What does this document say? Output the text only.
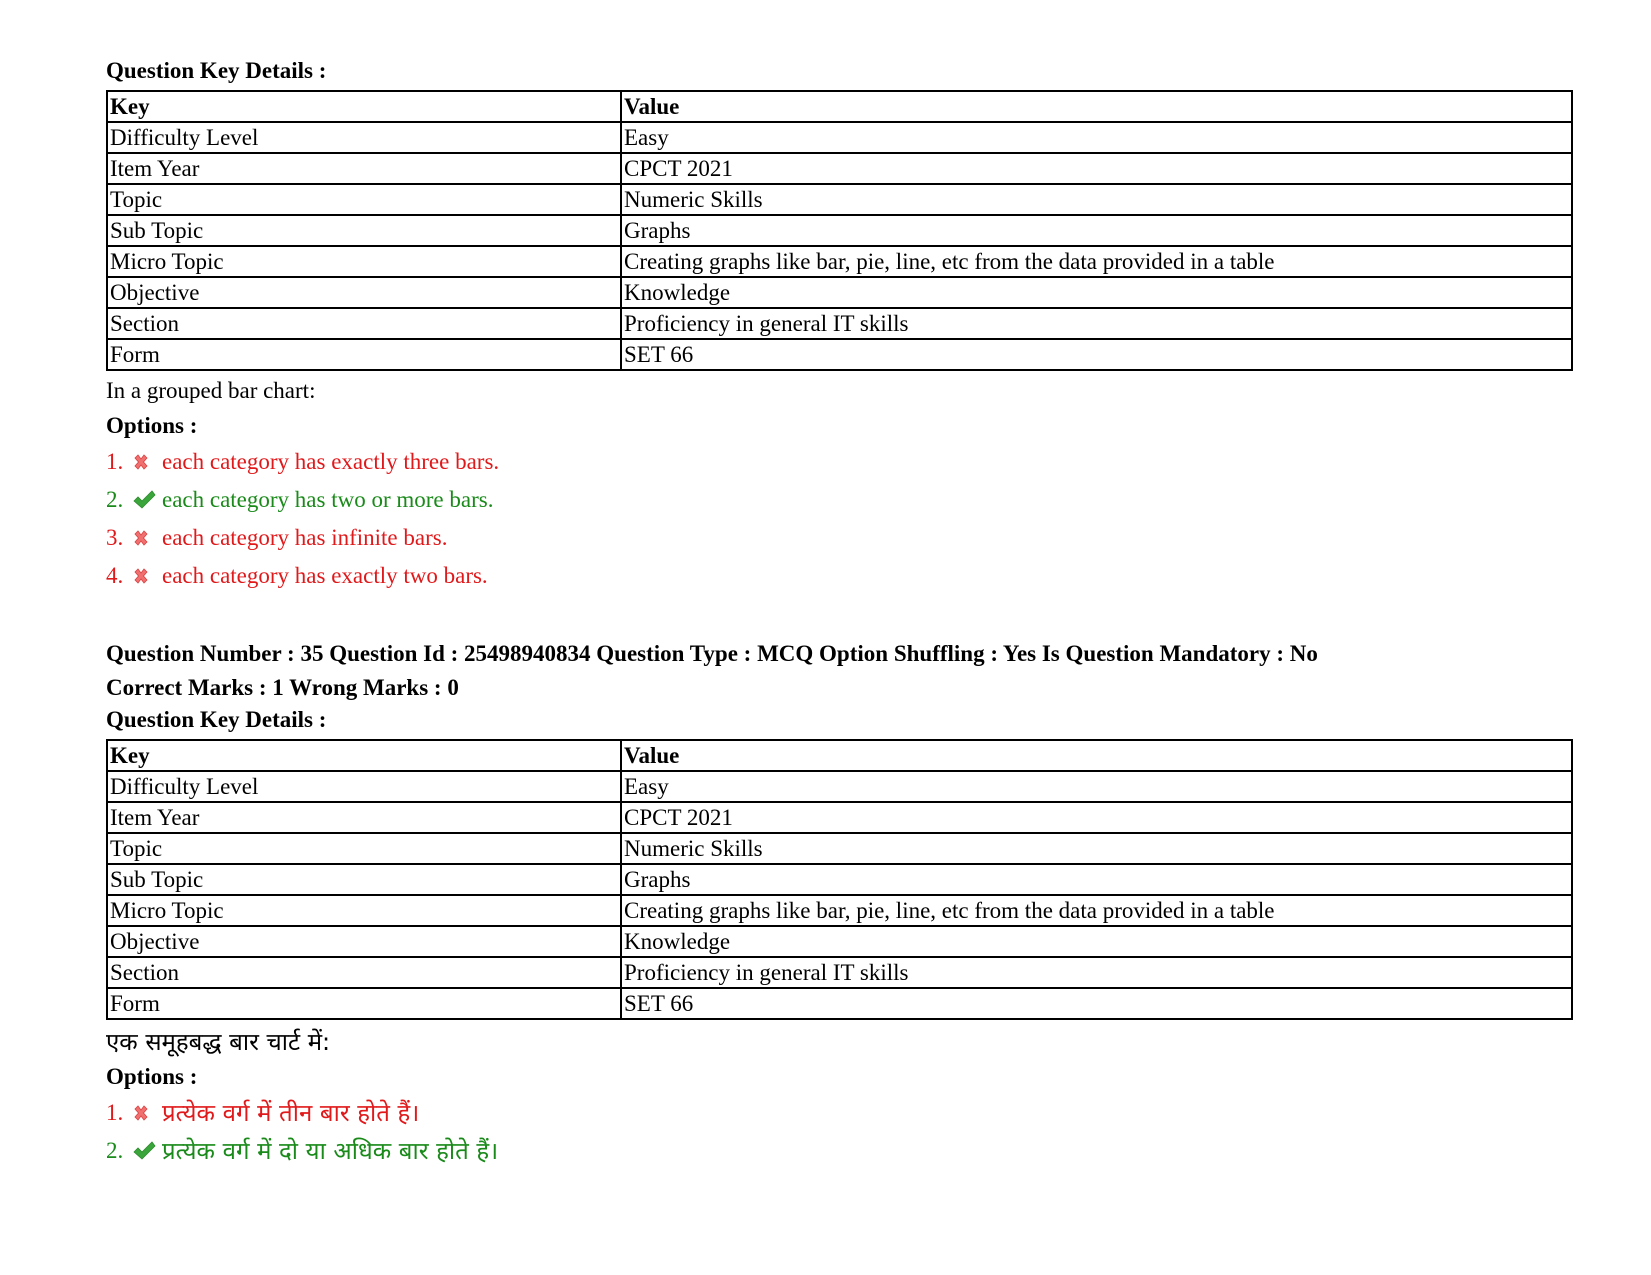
Question Key Details :

Key	Value
Difficulty Level	Easy
Item Year	CPCT 2021
Topic	Numeric Skills
Sub Topic	Graphs
Micro Topic	Creating graphs like bar, pie, line, etc from the data provided in a table
Objective	Knowledge
Section	Proficiency in general IT skills
Form	SET 66

In a grouped bar chart:

Options :

1.	each category has exactly three bars.
2.	each category has two or more bars.
3.	each category has infinite bars.
4.	each category has exactly two bars.

Question Number : 35 Question Id : 25498940834 Question Type : MCQ Option Shuffling : Yes Is Question Mandatory : No

Correct Marks : 1 Wrong Marks : 0

Question Key Details :

Key	Value
Difficulty Level	Easy
Item Year	CPCT 2021
Topic	Numeric Skills
Sub Topic	Graphs
Micro Topic	Creating graphs like bar, pie, line, etc from the data provided in a table
Objective	Knowledge
Section	Proficiency in general IT skills
Form	SET 66

एक समूहबद्ध बार चार्ट में:

Options :

1.	प्रत्येक वर्ग में तीन बार होते हैं।
2.	प्रत्येक वर्ग में दो या अधिक बार होते हैं।
